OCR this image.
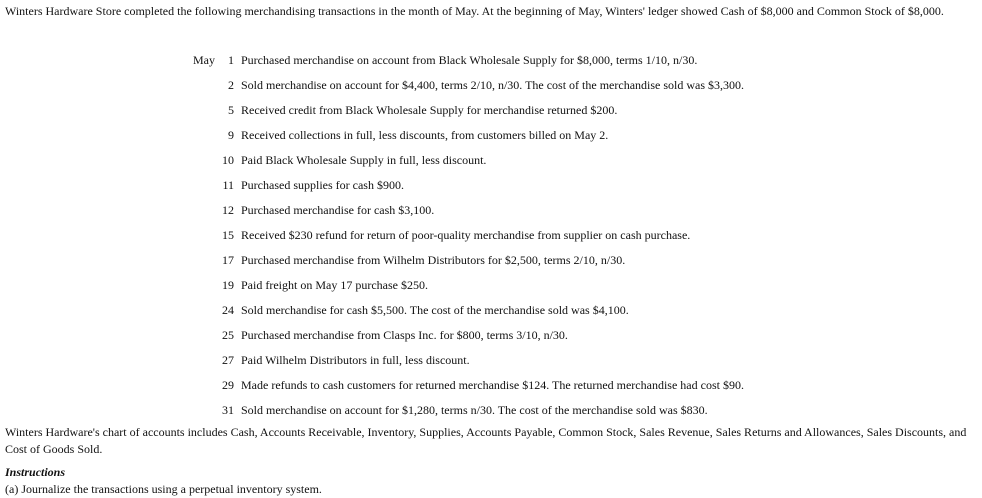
Winters Hardware Store completed the following merchandising transactions in the month of May. At the beginning of May, Winters' ledger showed Cash of $8,000 and Common Stock of $8,000.

May	1 Purchased merchandise on account from Black Wholesale Supply for $8,000, terms 1/10, n/30.
2 Sold merchandise on account for $4,400, terms 2/10, n/30. The cost of the merchandise sold was $3,300.
5 Received credit from Black Wholesale Supply for merchandise returned $200.
9 Received collections in full, less discounts, from customers billed on May 2.
10 Paid Black Wholesale Supply in full, less discount.
11 Purchased supplies for cash $900.
12 Purchased merchandise for cash $3,100.
15 Received $230 refund for return of poor-quality merchandise from supplier on cash purchase.
17 Purchased merchandise from Wilhelm Distributors for $2,500, terms 2/10, n/30.
19 Paid freight on May 17 purchase $250.
24 Sold merchandise for cash $5,500. The cost of the merchandise sold was $4,100.
25 Purchased merchandise from Clasps Inc. for $800, terms 3/10, n/30.
27 Paid Wilhelm Distributors in full, less discount.
29 Made refunds to cash customers for returned merchandise $124. The returned merchandise had cost $90.
31 Sold merchandise on account for $1,280, terms n/30. The cost of the merchandise sold was $830.

Winters Hardware's chart of accounts includes Cash, Accounts Receivable, Inventory, Supplies, Accounts Payable, Common Stock, Sales Revenue, Sales Returns and Allowances, Sales Discounts, and Cost of Goods Sold.

Instructions
(a) Journalize the transactions using a perpetual inventory system.
